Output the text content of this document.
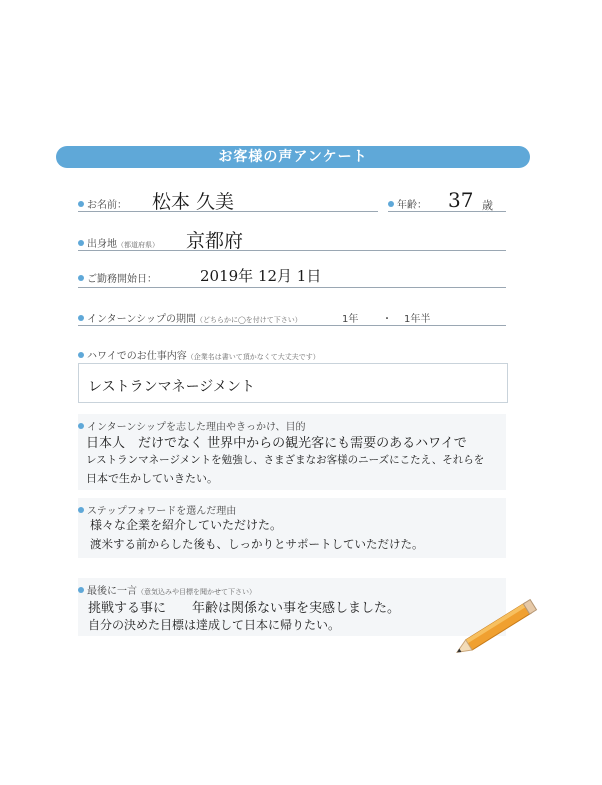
お客様の声アンケート
お名前： 松本 久美	年齢： 37 歳
出身地（都道府県） 京都府
ご勤務開始日：	2019年 12月 1日
インターンシップの期間（どちらかに◯を付けて下さい）	1年 ・ 1年半
ハワイでのお仕事内容（企業名は書いて頂かなくて大丈夫です）
レストランマネージメント
インターンシップを志した理由やきっかけ、目的
日本人　だけでなく 世界中からの観光客にも需要のあるハワイで
レストランマネージメントを勉強し、さまざまなお客様のニーズにこたえ、それらを
日本で生かしていきたい。
ステップフォワードを選んだ理由
様々な企業を紹介していただけた。
渡米する前からした後も、しっかりとサポートしていただけた。
最後に一言（意気込みや目標を聞かせて下さい）
挑戦する事に　　年齢は関係ない事を実感しました。
自分の決めた目標は達成して日本に帰りたい。
